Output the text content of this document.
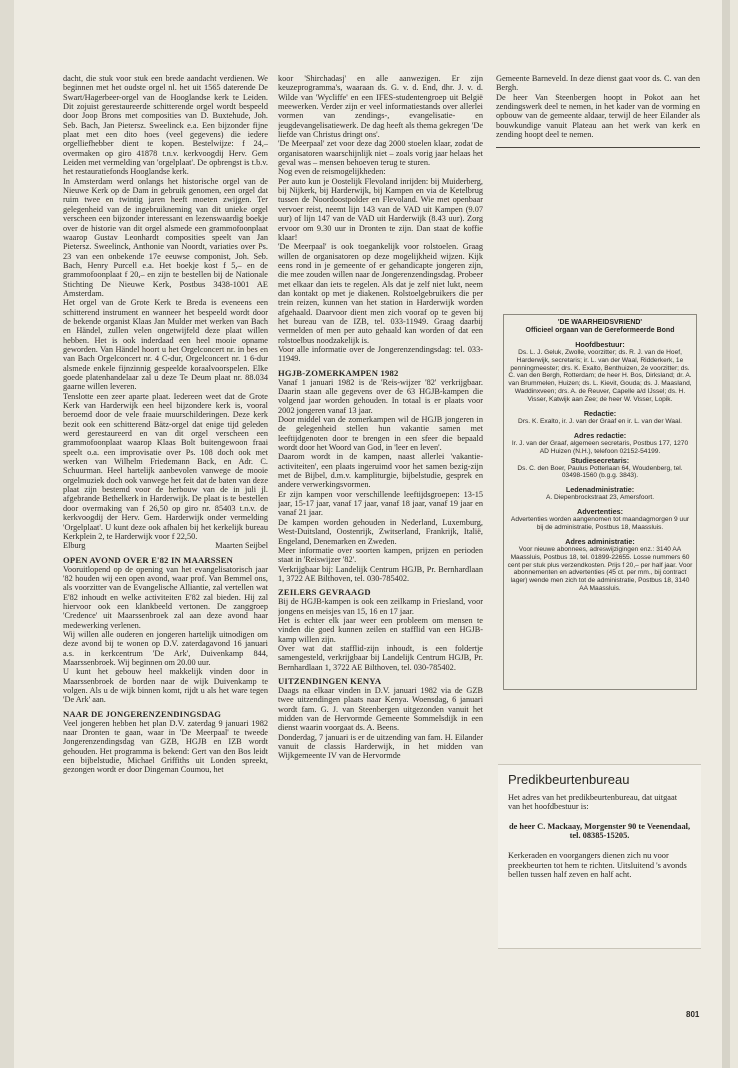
dacht, die stuk voor stuk een brede aandacht verdienen. We beginnen met het oudste orgel nl. het uit 1565 daterende De Swart/Hagerbeer-orgel van de Hooglandse kerk te Leiden. Dit zojuist gerestaureerde schitterende orgel wordt bespeeld door Joop Brons met composities van D. Buxtehude, Joh. Seb. Bach, Jan Pietersz. Sweelinck e.a. Een bijzonder fijne plaat met een dito hoes (veel gegevens) die iedere orgelliefhebber dient te kopen. Bestelwijze: f 24,– overmaken op giro 41878 t.n.v. kerkvoogdij Herv. Gem Leiden met vermelding van 'orgelplaat'. De opbrengst is t.b.v. het restauratiefonds Hooglandse kerk.

In Amsterdam werd onlangs het historische orgel van de Nieuwe Kerk op de Dam in gebruik genomen, een orgel dat ruim twee en twintig jaren heeft moeten zwijgen. Ter gelegenheid van de ingebruikneming van dit unieke orgel verscheen een bijzonder interessant en lezenswaardig boekje over de historie van dit orgel alsmede een grammofoonplaat waarop Gustav Leonhardt composities speelt van Jan Pietersz. Sweelinck, Anthonie van Noordt, variaties over Ps. 23 van een onbekende 17e eeuwse componist, Joh. Seb. Bach, Henry Purcell e.a. Het boekje kost f 5,– en de grammofoonplaat f 20,– en zijn te bestellen bij de Nationale Stichting De Nieuwe Kerk, Postbus 3438-1001 AE Amsterdam.

Het orgel van de Grote Kerk te Breda is eveneens een schitterend instrument en wanneer het bespeeld wordt door de bekende organist Klaas Jan Mulder met werken van Bach en Händel, zullen velen ongetwijfeld deze plaat willen hebben. Het is ook inderdaad een heel mooie opname geworden. Van Händel hoort u het Orgelconcert nr. in bes en van Bach Orgelconcert nr. 4 C-dur, Orgelconcert nr. 1 6-dur alsmede enkele fijnzinnig gespeelde koraalvoorspelen. Elke goede platenhandelaar zal u deze Te Deum plaat nr. 88.034 gaarne willen leveren.

Tenslotte een zeer aparte plaat. Iedereen weet dat de Grote Kerk van Harderwijk een heel bijzondere kerk is, vooral beroemd door de vele fraaie muurschilderingen. Deze kerk bezit ook een schitterend Bätz-orgel dat enige tijd geleden werd gerestaureerd en van dit orgel verscheen een grammofoonplaat waarop Klaas Bolt buitengewoon fraai speelt o.a. een improvisatie over Ps. 108 doch ook met werken van Wilhelm Friedemann Back, en Adr. C. Schuurman. Heel hartelijk aanbevolen vanwege de mooie orgelmuziek doch ook vanwege het feit dat de baten van deze plaat zijn bestemd voor de herbouw van de in juli jl. afgebrande Bethelkerk in Harderwijk. De plaat is te bestellen door overmaking van f 26,50 op giro nr. 85403 t.n.v. de kerkvoogdij der Herv. Gem. Harderwijk onder vermelding 'Orgelplaat'. U kunt deze ook afhalen bij het kerkelijk bureau Kerkplein 2, te Harderwijk voor f 22,50.

Elburg	Maarten Seijbel
OPEN AVOND OVER E'82 IN MAARSSEN

Vooruitlopend op de opening van het evangelisatorisch jaar '82 houden wij een open avond, waar prof. Van Bemmel ons, als voorzitter van de Evangelische Alliantie, zal vertellen wat E'82 inhoudt en welke activiteiten E'82 zal bieden. Hij zal hiervoor ook een klankbeeld vertonen. De zanggroep 'Credence' uit Maarssenbroek zal aan deze avond haar medewerking verlenen.

Wij willen alle ouderen en jongeren hartelijk uitnodigen om deze avond bij te wonen op D.V. zaterdagavond 16 januari a.s. in kerkcentrum 'De Ark', Duivenkamp 844, Maarssenbroek. Wij beginnen om 20.00 uur.

U kunt het gebouw heel makkelijk vinden door in Maarssenbroek de borden naar de wijk Duivenkamp te volgen. Als u de wijk binnen komt, rijdt u als het ware tegen 'De Ark' aan.

NAAR DE JONGERENZENDINGSDAG

Veel jongeren hebben het plan D.V. zaterdag 9 januari 1982 naar Dronten te gaan, waar in 'De Meerpaal' te tweede Jongerenzendingsdag van GZB, HGJB en IZB wordt gehouden. Het programma is bekend: Gert van den Bos leidt een bijbelstudie, Michael Griffiths uit Londen spreekt, gezongen wordt er door Dingeman Coumou, het

koor 'Shirchadasj' en alle aanwezigen. Er zijn keuzeprogramma's, waaraan ds. G. v. d. End, dhr. J. v. d. Wilde van 'Wycliffe' en een IFES-studentengroep uit België meewerken. Verder zijn er veel informatiestands over allerlei vormen van zendings-, evangelisatie- en jeugdevangelisatiewerk. De dag heeft als thema gekregen 'De liefde van Christus dringt ons'.

'De Meerpaal' zet voor deze dag 2000 stoelen klaar, zodat de organisatoren waarschijnlijk niet – zoals vorig jaar helaas het geval was – mensen behoeven terug te sturen.

Nog even de reismogelijkheden:

Per auto kun je Oostelijk Flevoland inrijden: bij Muiderberg, bij Nijkerk, bij Harderwijk, bij Kampen en via de Ketelbrug tussen de Noordoostpolder en Flevoland. Wie met openbaar vervoer reist, neemt lijn 143 van de VAD uit Kampen (9.07 uur) of lijn 147 van de VAD uit Harderwijk (8.43 uur). Zorg ervoor om 9.30 uur in Dronten te zijn. Dan staat de koffie klaar!

'De Meerpaal' is ook toegankelijk voor rolstoelen. Graag willen de organisatoren op deze mogelijkheid wijzen. Kijk eens rond in je gemeente of er gehandicapte jongeren zijn, die mee zouden willen naar de Jongerenzendingsdag. Probeer met elkaar dan iets te regelen. Als dat je zelf niet lukt, neem dan kontakt op met je diakenen. Rolstoelgebruikers die per trein reizen, kunnen van het station in Harderwijk worden afgehaald. Daarvoor dient men zich vooraf op te geven bij het bureau van de IZB, tel. 033-11949. Graag daarbij vermelden of men per auto gehaald kan worden of dat een rolstoelbus noodzakelijk is.

Voor alle informatie over de Jongerenzendingsdag: tel. 033-11949.

HGJB-ZOMERKAMPEN 1982

Vanaf 1 januari 1982 is de 'Reis-wijzer '82' verkrijgbaar. Daarin staan alle gegevens over de 63 HGJB-kampen die volgend jaar worden gehouden. In totaal is er plaats voor 2002 jongeren vanaf 13 jaar.

Door middel van de zomerkampen wil de HGJB jongeren in de gelegenheid stellen hun vakantie samen met leeftijdgenoten door te brengen in een sfeer die bepaald wordt door het Woord van God, in 'leer en leven'.

Daarom wordt in de kampen, naast allerlei 'vakantie-activiteiten', een plaats ingeruimd voor het samen bezig-zijn met de Bijbel, d.m.v. kampliturgie, bijbelstudie, gesprek en andere verwerkingsvormen.

Er zijn kampen voor verschillende leeftijdsgroepen: 13-15 jaar, 15-17 jaar, vanaf 17 jaar, vanaf 18 jaar, vanaf 19 jaar en vanaf 21 jaar.

De kampen worden gehouden in Nederland, Luxemburg, West-Duitsland, Oostenrijk, Zwitserland, Frankrijk, Italië, Engeland, Denemarken en Zweden.

Meer informatie over soorten kampen, prijzen en perioden staat in 'Reiswijzer '82'.

Verkrijgbaar bij: Landelijk Centrum HGJB, Pr. Bernhardlaan 1, 3722 AE Bilthoven, tel. 030-785402.

ZEILERS GEVRAAGD

Bij de HGJB-kampen is ook een zeilkamp in Friesland, voor jongens en meisjes van 15, 16 en 17 jaar.

Het is echter elk jaar weer een probleem om mensen te vinden die goed kunnen zeilen en stafflid van een HGJB-kamp willen zijn.

Over wat dat stafflid-zijn inhoudt, is een foldertje samengesteld, verkrijgbaar bij Landelijk Centrum HGJB, Pr. Bernhardlaan 1, 3722 AE Bilthoven, tel. 030-785402.

UITZENDINGEN KENYA

Daags na elkaar vinden in D.V. januari 1982 via de GZB twee uitzendingen plaats naar Kenya. Woensdag, 6 januari wordt fam. G. J. van Steenbergen uitgezonden vanuit het midden van de Hervormde Gemeente Sommelsdijk in een dienst waarin voorgaat ds. A. Beens.

Donderdag, 7 januari is er de uitzending van fam. H. Eilander vanuit de classis Harderwijk, in het midden van Wijkgemeente IV van de Hervormde

Gemeente Barneveld. In deze dienst gaat voor ds. C. van den Bergh.

De heer Van Steenbergen hoopt in Pokot aan het zendingswerk deel te nemen, in het kader van de vorming en opbouw van de gemeente aldaar, terwijl de heer Eilander als bouwkundige vanuit Plateau aan het werk van kerk en zending hoopt deel te nemen.

'DE WAARHEIDSVRIEND'
Officieel orgaan van de Gereformeerde Bond
Hoofdbestuur:
Ds. L. J. Geluk, Zwolle, voorzitter; ds. R. J. van de Hoef, Harderwijk, secretaris; ir. L. van der Waal, Ridderkerk, 1e penningmeester; drs. K. Exalto, Benthuizen, 2e voorzitter; ds. C. van den Bergh, Rotterdam; de heer H. Bos, Dirksland; dr. A. van Brummelen, Huizen; ds. L. Kievit, Gouda; ds. J. Maasland, Waddinxveen; drs. A. de Reuver, Capelle a/d IJssel; ds. H. Visser, Katwijk aan Zee; de heer W. Visser, Lopik.
Redactie:
Drs. K. Exalto, ir. J. van der Graaf en ir. L. van der Waal.
Adres redactie:
Ir. J. van der Graaf, algemeen secretaris, Postbus 177, 1270 AD Huizen (N.H.), telefoon 02152-54199.
Studiesecretaris:
Ds. C. den Boer, Paulus Potterlaan 64, Woudenberg, tel. 03498-1560 (b.g.g. 3843).
Ledenadministratie:
A. Diepenbrockstraat 23, Amersfoort.
Advertenties:
Advertenties worden aangenomen tot maandagmorgen 9 uur bij de administratie, Postbus 18, Maassluis.
Adres administratie:
Voor nieuwe abonnees, adreswijzigingen enz.: 3140 AA Maassluis, Postbus 18, tel. 01899-22655. Losse nummers 60 cent per stuk plus verzendkosten. Prijs f 20,– per half jaar. Voor abonnementen en advertenties (45 ct. per mm., bij contract lager) wende men zich tot de administratie, Postbus 18, 3140 AA Maassluis.
Predikbeurtenbureau
Het adres van het predikbeurtenbureau, dat uitgaat van het hoofdbestuur is:
de heer C. Mackaay, Morgenster 90 te Veenendaal, tel. 08385-15205.
Kerkeraden en voorgangers dienen zich nu voor preekbeurten tot hem te richten. Uitsluitend 's avonds bellen tussen half zeven en half acht.
801
